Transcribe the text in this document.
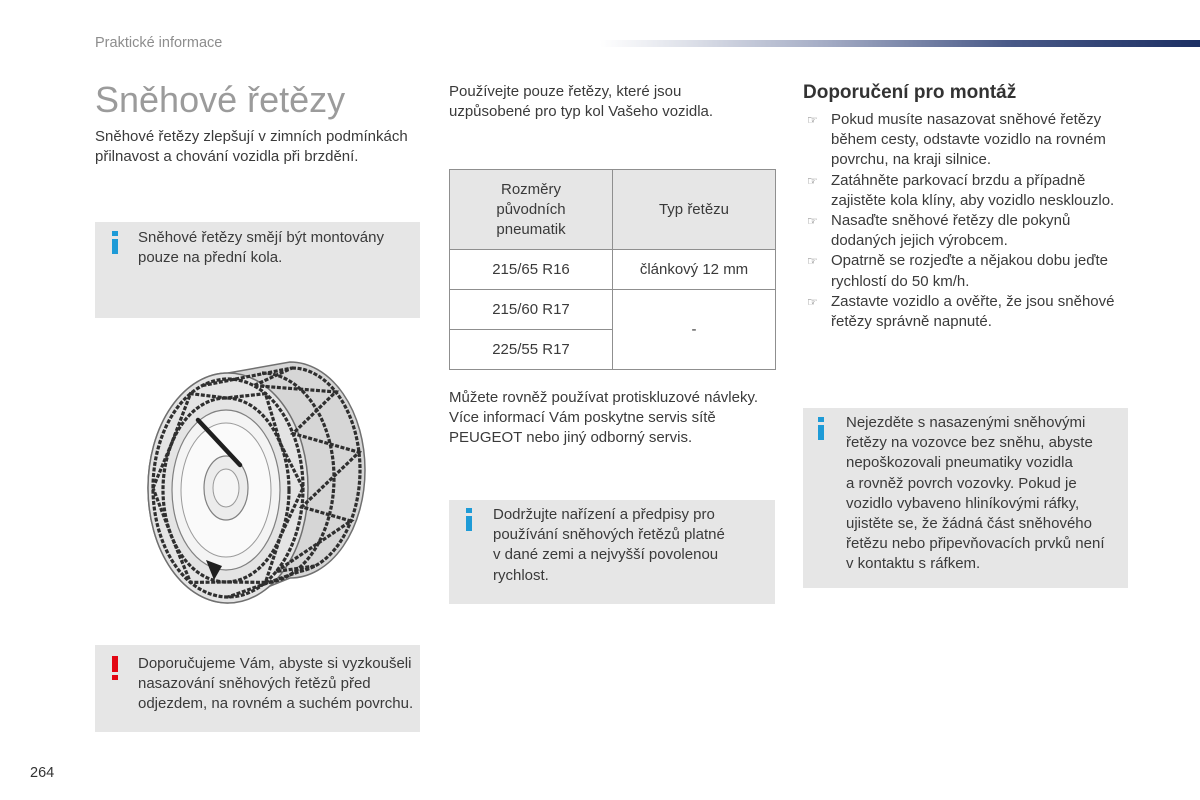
Praktické informace
Sněhové řetězy
Sněhové řetězy zlepšují v zimních podmínkách
přilnavost a chování vozidla při brzdění.
Sněhové řetězy smějí být montovány
pouze na přední kola.
Doporučujeme Vám, abyste si vyzkoušeli
nasazování sněhových řetězů před
odjezdem, na rovném a suchém povrchu.
Používejte pouze řetězy, které jsou
uzpůsobené pro typ kol Vašeho vozidla.
Rozměry
původních
pneumatik	Typ řetězu
215/65 R16	článkový 12 mm
215/60 R17	-
225/55 R17	
Můžete rovněž používat protiskluzové návleky.
Více informací Vám poskytne servis sítě
PEUGEOT nebo jiný odborný servis.
Dodržujte nařízení a předpisy pro
používání sněhových řetězů platné
v dané zemi a nejvyšší povolenou
rychlost.
Doporučení pro montáž
☞
Pokud musíte nasazovat sněhové řetězy
během cesty, odstavte vozidlo na rovném
povrchu, na kraji silnice.
☞
Zatáhněte parkovací brzdu a případně
zajistěte kola klíny, aby vozidlo nesklouzlo.
☞
Nasaďte sněhové řetězy dle pokynů
dodaných jejich výrobcem.
☞
Opatrně se rozjeďte a nějakou dobu jeďte
rychlostí do 50 km/h.
☞
Zastavte vozidlo a ověřte, že jsou sněhové
řetězy správně napnuté.
Nejezděte s nasazenými sněhovými
řetězy na vozovce bez sněhu, abyste
nepoškozovali pneumatiky vozidla
a rovněž povrch vozovky. Pokud je
vozidlo vybaveno hliníkovými ráfky,
ujistěte se, že žádná část sněhového
řetězu nebo připevňovacích prvků není
v kontaktu s ráfkem.
264
